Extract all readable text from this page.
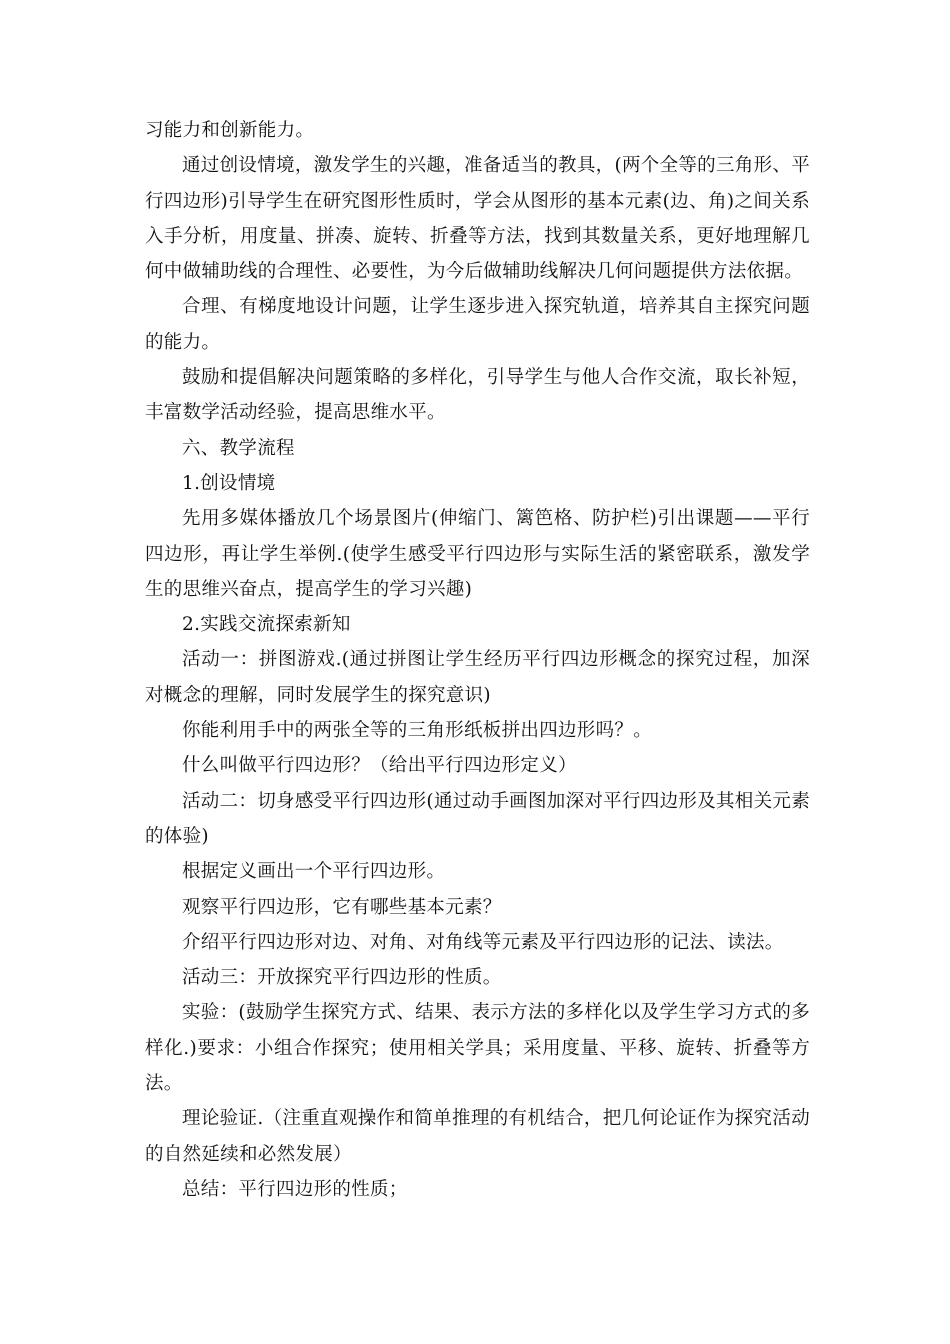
习能力和创新能力。

通过创设情境，激发学生的兴趣，准备适当的教具，(两个全等的三角形、平行四边形)引导学生在研究图形性质时，学会从图形的基本元素(边、角)之间关系入手分析，用度量、拼凑、旋转、折叠等方法，找到其数量关系，更好地理解几何中做辅助线的合理性、必要性，为今后做辅助线解决几何问题提供方法依据。

合理、有梯度地设计问题，让学生逐步进入探究轨道，培养其自主探究问题的能力。

鼓励和提倡解决问题策略的多样化，引导学生与他人合作交流，取长补短，丰富数学活动经验，提高思维水平。

六、教学流程

1.创设情境

先用多媒体播放几个场景图片(伸缩门、篱笆格、防护栏)引出课题——平行四边形，再让学生举例.(使学生感受平行四边形与实际生活的紧密联系，激发学生的思维兴奋点，提高学生的学习兴趣)

2.实践交流探索新知

活动一：拼图游戏.(通过拼图让学生经历平行四边形概念的探究过程，加深对概念的理解，同时发展学生的探究意识)

你能利用手中的两张全等的三角形纸板拼出四边形吗？。

什么叫做平行四边形？（给出平行四边形定义）

活动二：切身感受平行四边形(通过动手画图加深对平行四边形及其相关元素的体验)

根据定义画出一个平行四边形。

观察平行四边形，它有哪些基本元素？

介绍平行四边形对边、对角、对角线等元素及平行四边形的记法、读法。

活动三：开放探究平行四边形的性质。

实验：(鼓励学生探究方式、结果、表示方法的多样化以及学生学习方式的多样化.)要求：小组合作探究；使用相关学具；采用度量、平移、旋转、折叠等方法。

理论验证.（注重直观操作和简单推理的有机结合，把几何论证作为探究活动的自然延续和必然发展）

总结：平行四边形的性质；
